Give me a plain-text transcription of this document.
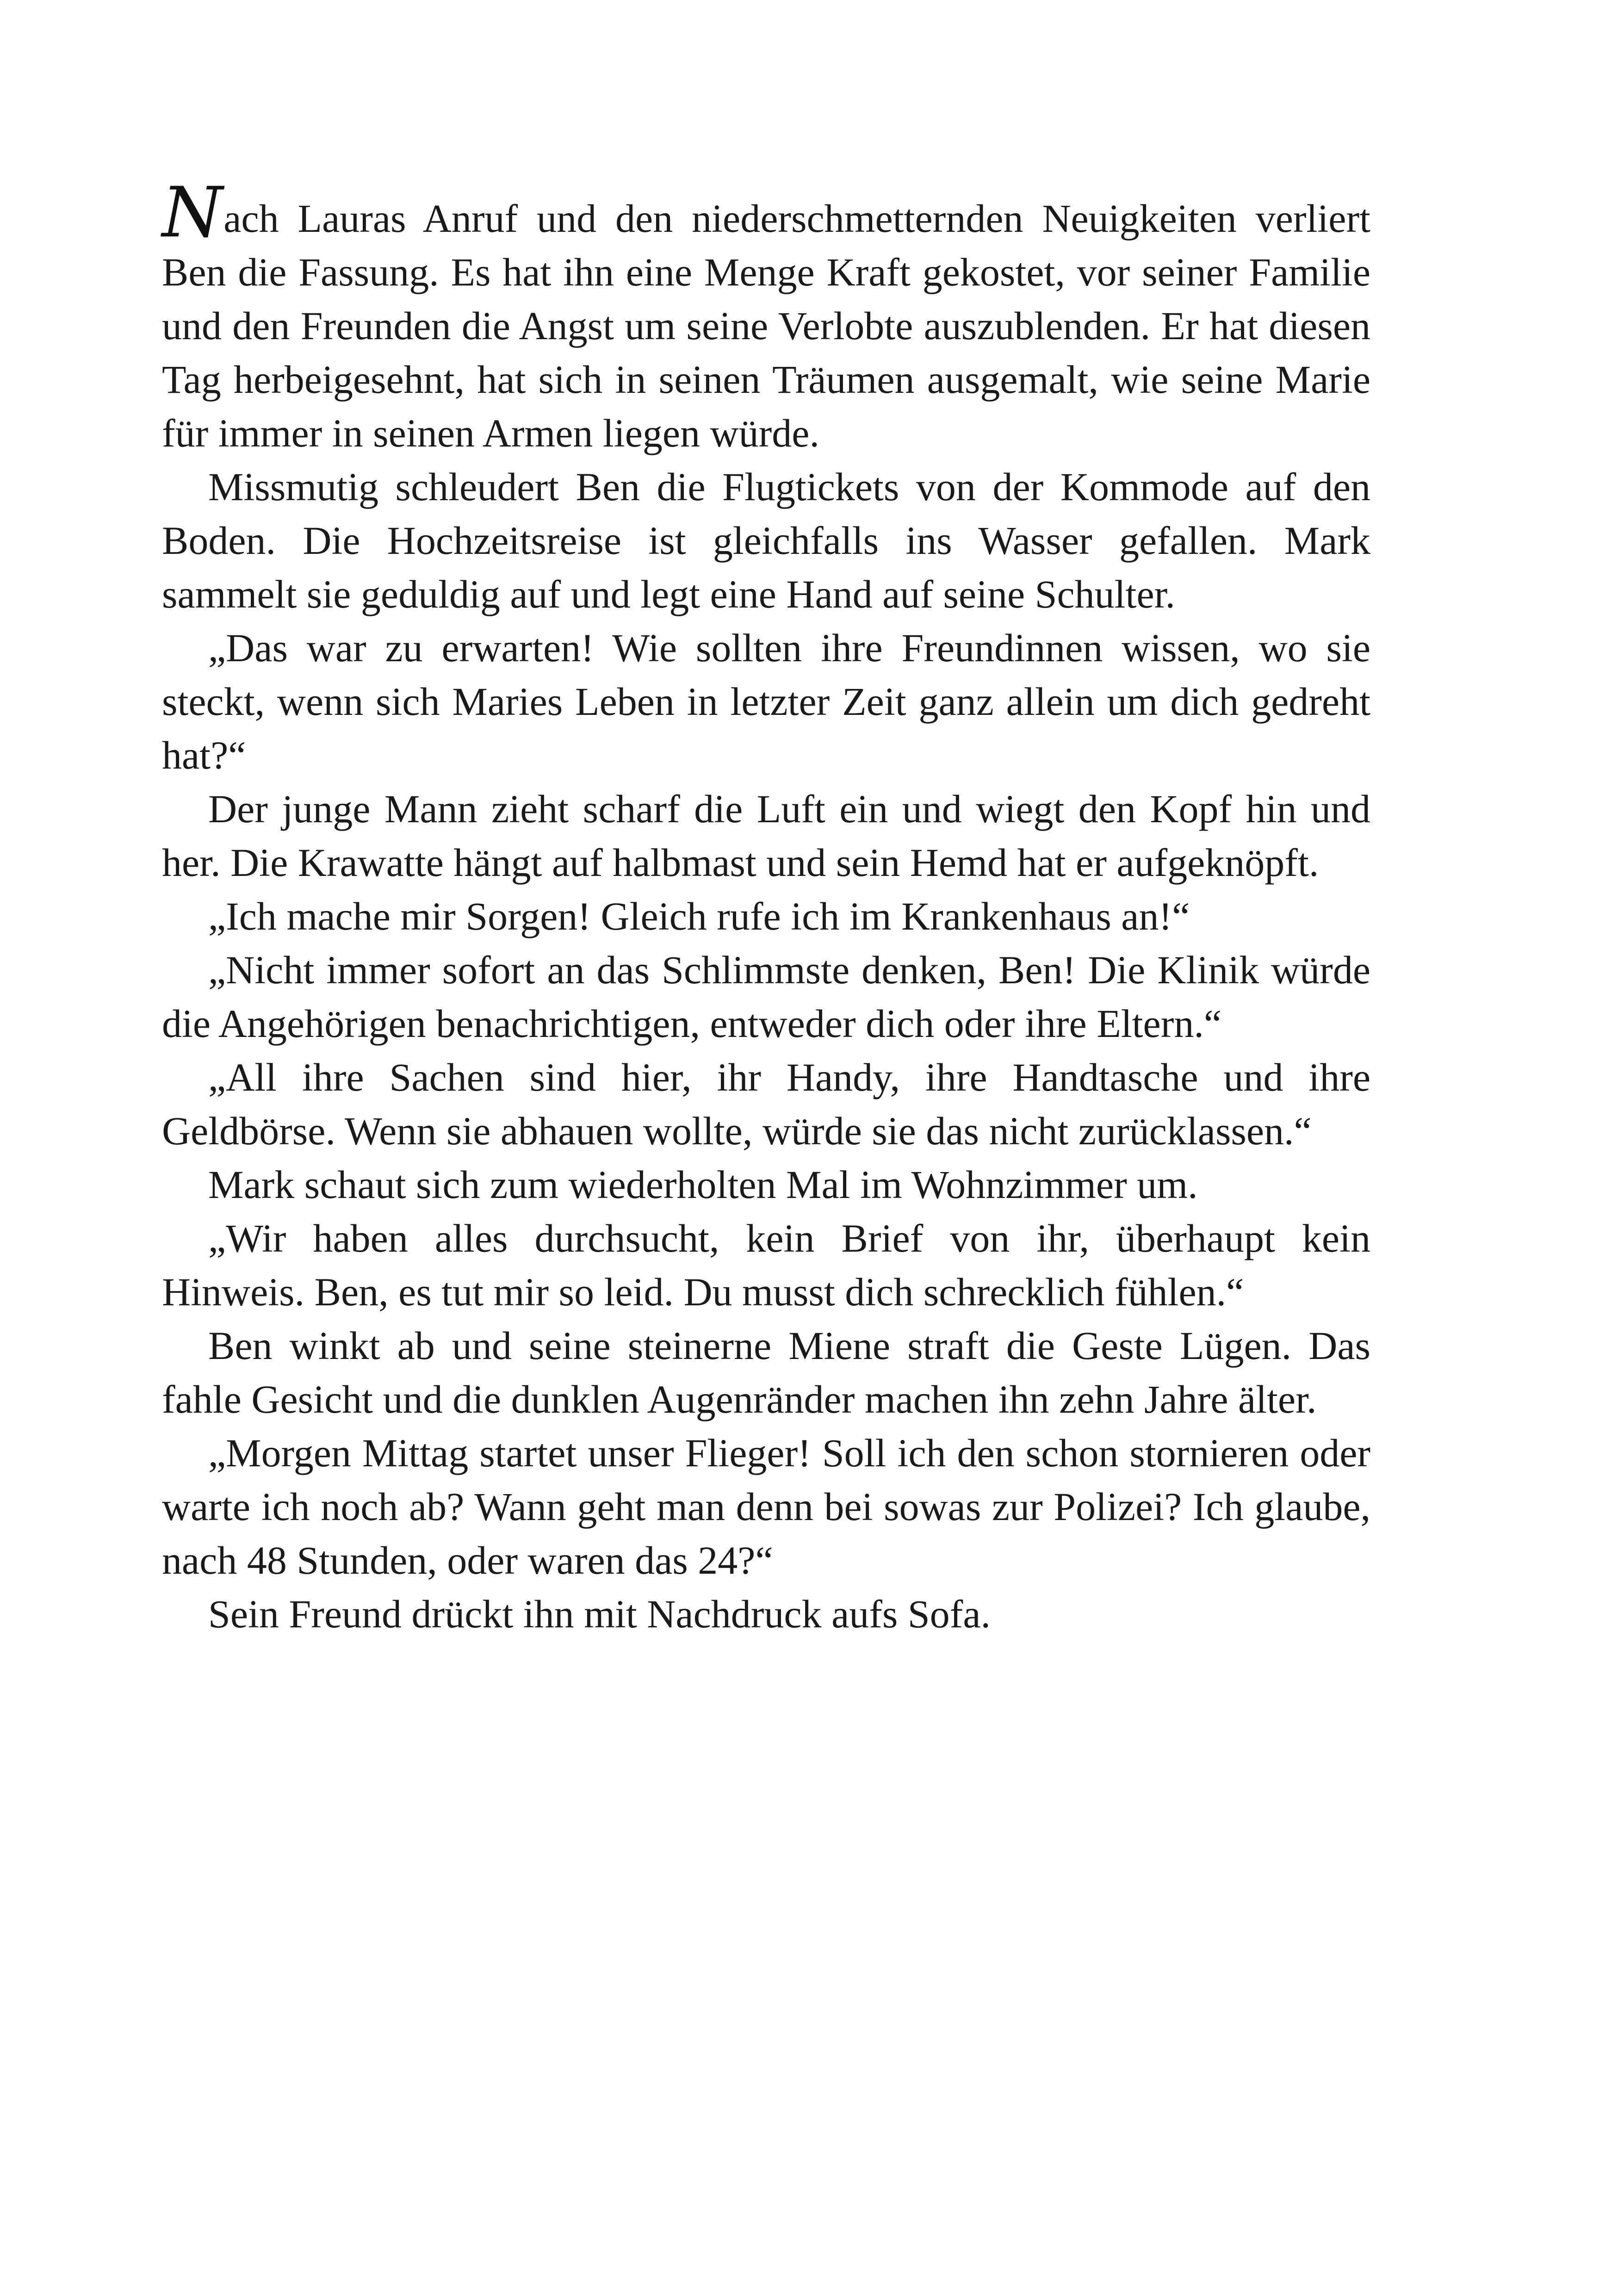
Nach Lauras Anruf und den niederschmetternden Neuigkeiten verliert Ben die Fassung. Es hat ihn eine Menge Kraft gekostet, vor seiner Familie und den Freunden die Angst um seine Verlobte auszublenden. Er hat diesen Tag herbeigesehnt, hat sich in seinen Träumen ausgemalt, wie seine Marie für immer in seinen Armen liegen würde.

Missmutig schleudert Ben die Flugtickets von der Kommode auf den Boden. Die Hochzeitsreise ist gleichfalls ins Wasser gefallen. Mark sammelt sie geduldig auf und legt eine Hand auf seine Schulter.

„Das war zu erwarten! Wie sollten ihre Freundinnen wissen, wo sie steckt, wenn sich Maries Leben in letzter Zeit ganz allein um dich gedreht hat?“

Der junge Mann zieht scharf die Luft ein und wiegt den Kopf hin und her. Die Krawatte hängt auf halbmast und sein Hemd hat er aufgeknöpft.

„Ich mache mir Sorgen! Gleich rufe ich im Krankenhaus an!“

„Nicht immer sofort an das Schlimmste denken, Ben! Die Klinik würde die Angehörigen benachrichtigen, entweder dich oder ihre Eltern.“

„All ihre Sachen sind hier, ihr Handy, ihre Handtasche und ihre Geldbörse. Wenn sie abhauen wollte, würde sie das nicht zurücklassen.“

Mark schaut sich zum wiederholten Mal im Wohnzimmer um.

„Wir haben alles durchsucht, kein Brief von ihr, überhaupt kein Hinweis. Ben, es tut mir so leid. Du musst dich schrecklich fühlen.“

Ben winkt ab und seine steinerne Miene straft die Geste Lügen. Das fahle Gesicht und die dunklen Augenränder machen ihn zehn Jahre älter.

„Morgen Mittag startet unser Flieger! Soll ich den schon stornieren oder warte ich noch ab? Wann geht man denn bei sowas zur Polizei? Ich glaube, nach 48 Stunden, oder waren das 24?“

Sein Freund drückt ihn mit Nachdruck aufs Sofa.
